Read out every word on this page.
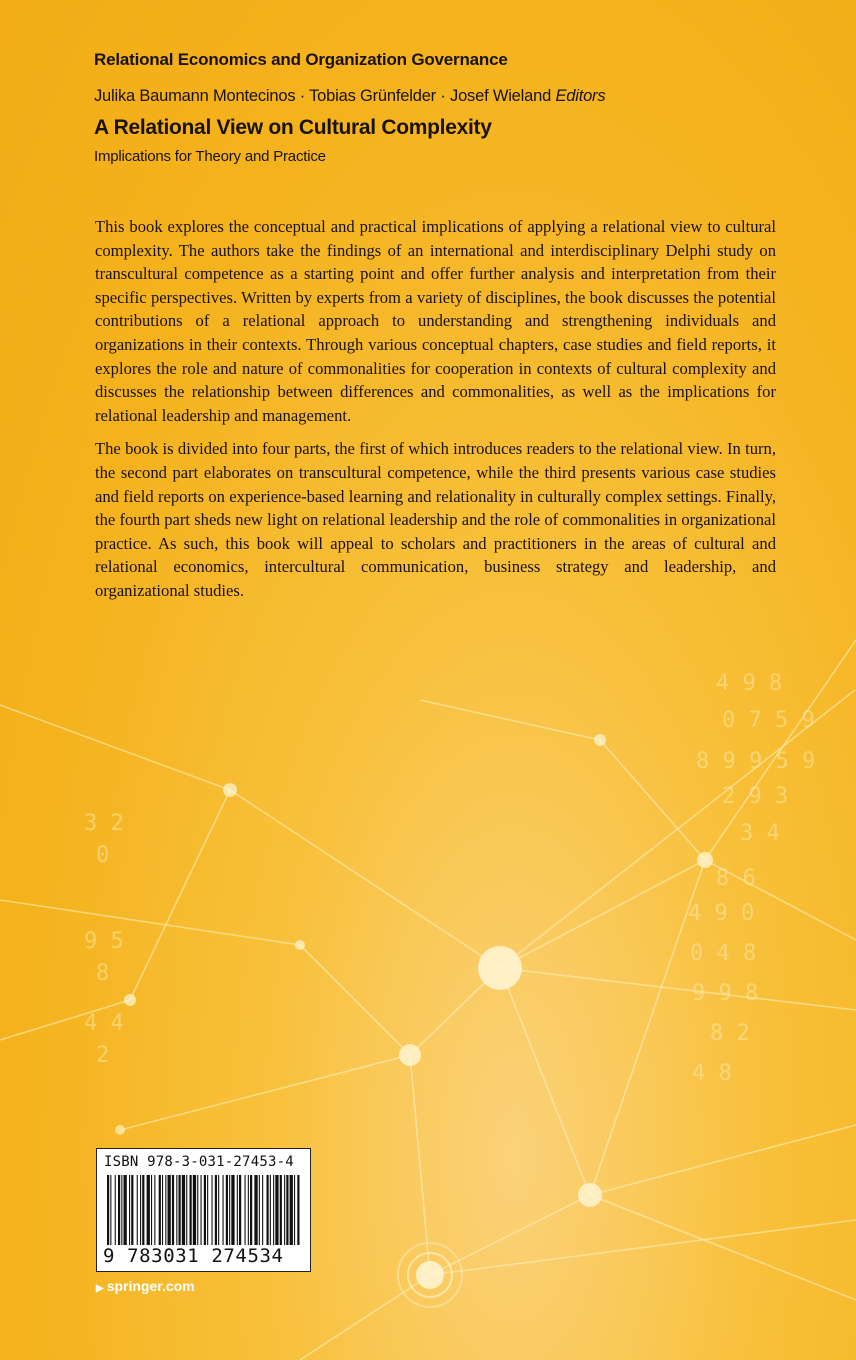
4 9 8
0 7 5 9
8 9 9 5 9
2 9 3
3 4
8 6
4 9 0
0 4 8
9 9 8
8 2
4 8
3 2
0
9 5
8
4 4
2

Relational Economics and Organization Governance

Julika Baumann Montecinos · Tobias Grünfelder · Josef Wieland Editors

A Relational View on Cultural Complexity

Implications for Theory and Practice

This book explores the conceptual and practical implications of applying a relational view to cultural complexity. The authors take the findings of an international and interdisciplinary Delphi study on transcultural competence as a starting point and offer further analysis and interpretation from their specific perspectives. Written by experts from a variety of disciplines, the book discusses the potential contributions of a relational approach to understanding and strengthening individuals and organizations in their contexts. Through various conceptual chapters, case studies and field reports, it explores the role and nature of commonalities for cooperation in contexts of cultural complexity and discusses the relationship between differences and commonalities, as well as the implications for relational leadership and management.

The book is divided into four parts, the first of which introduces readers to the relational view. In turn, the second part elaborates on transcultural competence, while the third presents various case studies and field reports on experience-based learning and relationality in culturally complex settings. Finally, the fourth part sheds new light on relational leadership and the role of commonalities in organizational practice. As such, this book will appeal to scholars and practitioners in the areas of cultural and relational economics, intercultural communication, business strategy and leadership, and organizational studies.

ISBN 978-3-031-27453-4

9 783031 274534

▶ springer.com
